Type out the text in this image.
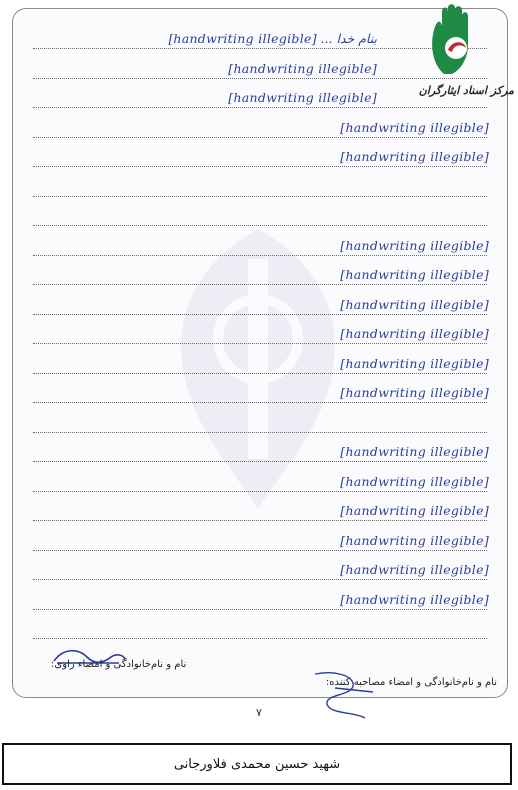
بنام خدا ... [handwriting illegible]
[handwriting illegible]
[handwriting illegible]
[handwriting illegible]
[handwriting illegible]
[handwriting illegible]
[handwriting illegible]
[handwriting illegible]
[handwriting illegible]
[handwriting illegible]
[handwriting illegible]
[handwriting illegible]
[handwriting illegible]
[handwriting illegible]
[handwriting illegible]
[handwriting illegible]
[handwriting illegible]
نام و نام‌خانوادگی و امضاء راوی:
نام و نام‌خانوادگی و امضاء مصاحبه کننده:
مرکز اسناد ایثارگران
۷
شهید حسین محمدی فلاورجانی
